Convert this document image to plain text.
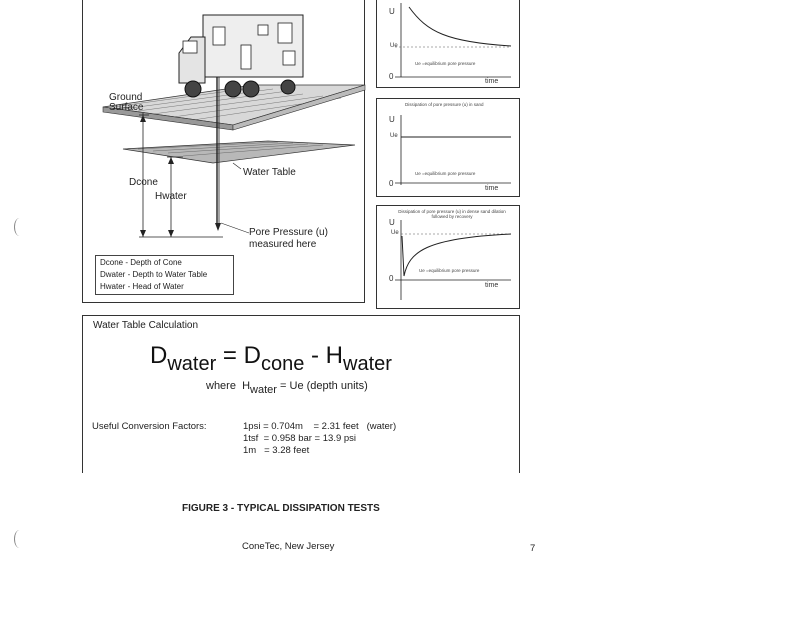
Ground
Surface
Water Table
Dcone
Hwater
Pore Pressure (u)
measured here
Dcone - Depth of Cone
Dwater - Depth to Water Table
Hwater - Head of Water
U
Ue
0
time
Ue =equilibrium pore pressure
Dissipation of pore pressure (u) in sand
U
Ue
0
time
Ue =equilibrium pore pressure
Dissipation of pore pressure (u) in dense sand dilation followed by recovery
U
Ue
0
time
Ue =equilibrium pore pressure
Water Table Calculation
$D_{water} = D_{cone} - H_{water}$
where $H_{water} = Ue$ (depth units)
Useful Conversion Factors:	1psi = 0.704m    = 2.31 feet   (water)
1tsf  = 0.958 bar = 13.9 psi
1m   = 3.28 feet
FIGURE 3 - TYPICAL DISSIPATION TESTS
ConeTec, New Jersey	7
